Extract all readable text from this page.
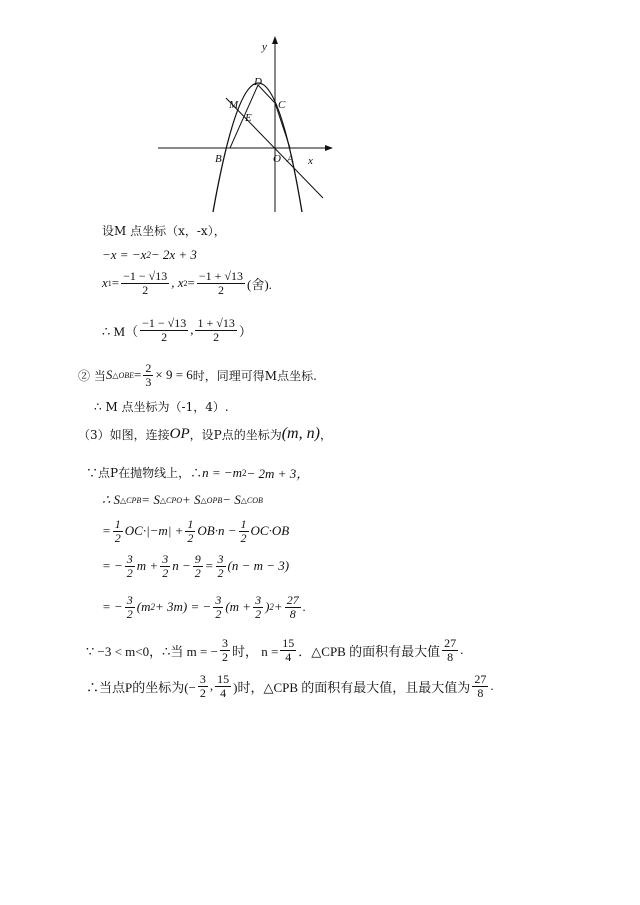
y
x
D
M	C
E
B	O A
设M 点坐标（x，-x），
−x = −x 2 − 2x + 3
x $1 = \frac{-1 - √13}{2}$ , x $2 = \frac{-1 + √13}{2}$ (舍).
∴ $M( \frac{-1 - √13}{2}$ , $\frac{1 + √13}{2}$ ）
② 当 S △OBE = $\frac{2}{3} \times 9 = 6$ 时，同理可得M点坐标.
∴ M 点坐标为（-1，4）.
（3）如图，连接 OP ，设P点的坐标为 (m, n) ，
∵点P在抛物线上，∴ n = −m 2 − 2m + 3，
∴ S △CPB = S △CPO + S △OPB − S △COB
= $\frac{1}{2} OC\cdot|-m| + \frac{1}{2} OB\cdot n - \frac{1}{2} OC\cdot OB$
= − $\frac{3}{2}$ $m + \frac{3}{2}$ $n - \frac{9}{2} = \frac{3}{2} (n - m - 3)$
= − $\frac{3}{2} (m$ 2 + 3m) = − $\frac{3}{2} (m + \frac{3}{2}$ ) $2 + \frac{27}{8}$ .
∵ −3 < m<0，∴当 m = − $\frac{3}{2}$ 时， $n = \frac{15}{4}$ ．△CPB 的面积有最大值 $\frac{27}{8}$ .
∴当点P的坐标为(− $\frac{3}{2}$ , $\frac{15}{4}$ )时，△CPB 的面积有最大值，且最大值为 $\frac{27}{8}$ .
